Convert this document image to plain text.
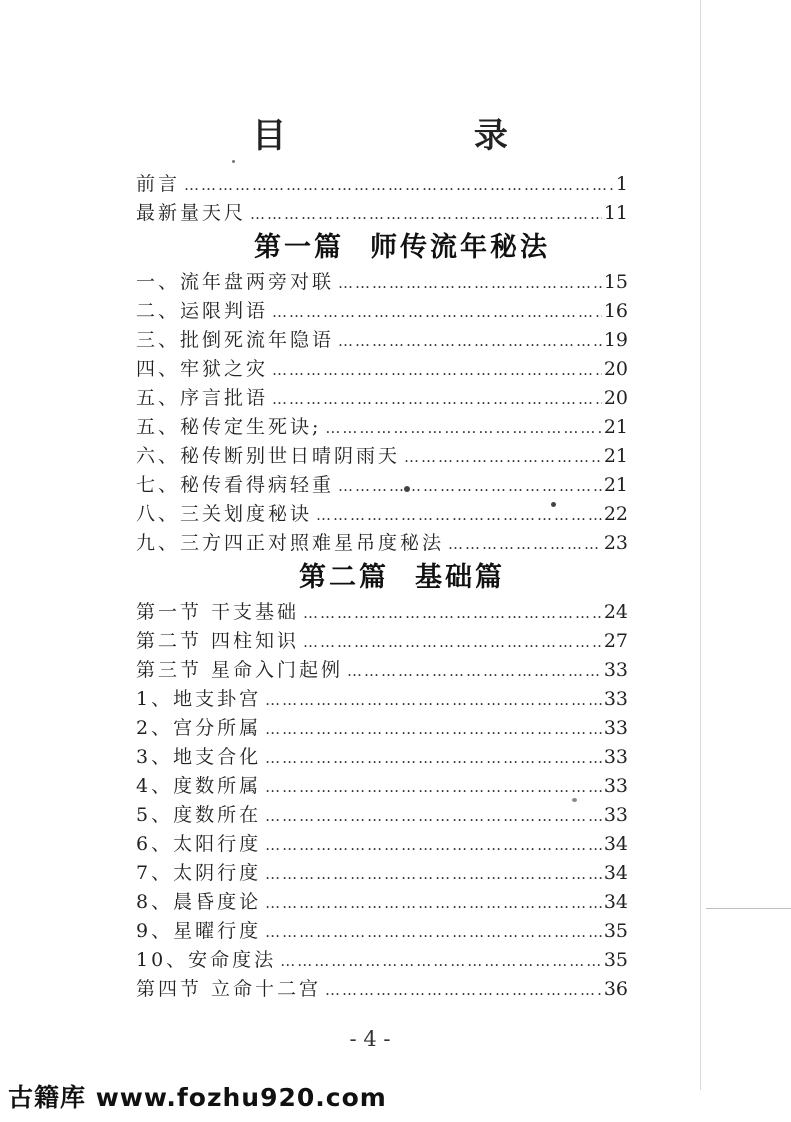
目 录
前言 ……………………………………………………………………………………………………	1
最新量天尺 ……………………………………………………………………………………………………	11
第一篇 师传流年秘法
一、流年盘两旁对联 ……………………………………………………………………………………………………	15
二、运限判语 ……………………………………………………………………………………………………	16
三、批倒死流年隐语 ……………………………………………………………………………………………………	19
四、牢狱之灾 ……………………………………………………………………………………………………	20
五、序言批语 ……………………………………………………………………………………………………	20
五、秘传定生死诀; ……………………………………………………………………………………………………	21
六、秘传断别世日晴阴雨天 ……………………………………………………………………………………………………	21
七、秘传看得病轻重 ……………………………………………………………………………………………………	21
八、三关划度秘诀 ……………………………………………………………………………………………………	22
九、三方四正对照难星吊度秘法 ……………………………………………………………………………………………………	23
第二篇 基础篇
第一节 干支基础 ……………………………………………………………………………………………………	24
第二节 四柱知识 ……………………………………………………………………………………………………	27
第三节 星命入门起例 ……………………………………………………………………………………………………	33
1、地支卦宫 ……………………………………………………………………………………………………	33
2、宫分所属 ……………………………………………………………………………………………………	33
3、地支合化 ……………………………………………………………………………………………………	33
4、度数所属 ……………………………………………………………………………………………………	33
5、度数所在 ……………………………………………………………………………………………………	33
6、太阳行度 ……………………………………………………………………………………………………	34
7、太阴行度 ……………………………………………………………………………………………………	34
8、晨昏度论 ……………………………………………………………………………………………………	34
9、星曜行度 ……………………………………………………………………………………………………	35
10、安命度法 ……………………………………………………………………………………………………	35
第四节 立命十二宫 ……………………………………………………………………………………………………	36
- 4 -
古籍库 www.fozhu920.com
